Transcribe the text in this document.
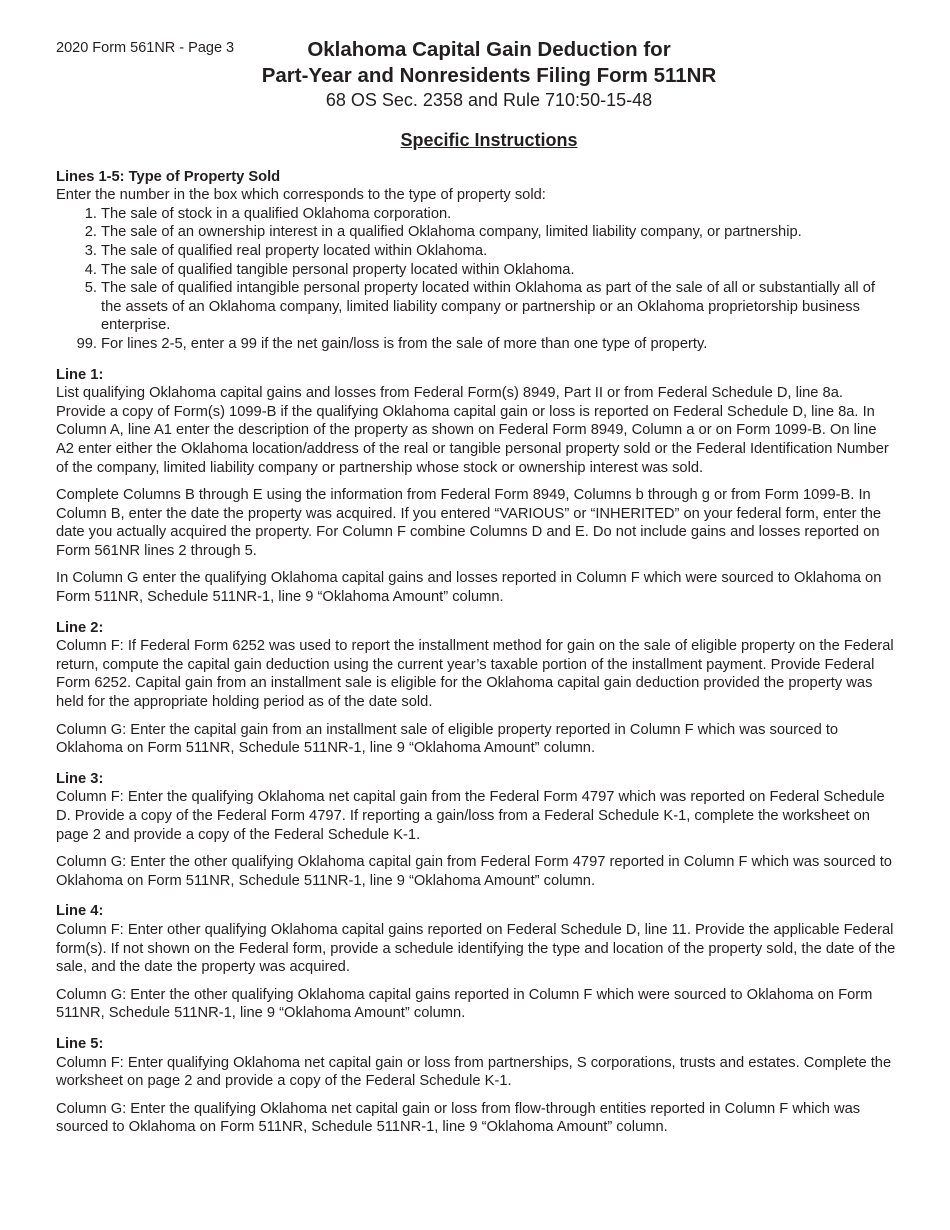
2020 Form 561NR - Page 3	Oklahoma Capital Gain Deduction for
Part-Year and Nonresidents Filing Form 511NR
68 OS Sec. 2358 and Rule 710:50-15-48
Specific Instructions
Lines 1-5: Type of Property Sold

Enter the number in the box which corresponds to the type of property sold:

1. The sale of stock in a qualified Oklahoma corporation.
2. The sale of an ownership interest in a qualified Oklahoma company, limited liability company, or partnership.
3. The sale of qualified real property located within Oklahoma.
4. The sale of qualified tangible personal property located within Oklahoma.
5. The sale of qualified intangible personal property located within Oklahoma as part of the sale of all or substantially all of the assets of an Oklahoma company, limited liability company or partnership or an Oklahoma proprietorship business enterprise.
99. For lines 2-5, enter a 99 if the net gain/loss is from the sale of more than one type of property.
Line 1:

List qualifying Oklahoma capital gains and losses from Federal Form(s) 8949, Part II or from Federal Schedule D, line 8a. Provide a copy of Form(s) 1099-B if the qualifying Oklahoma capital gain or loss is reported on Federal Schedule D, line 8a. In Column A, line A1 enter the description of the property as shown on Federal Form 8949, Column a or on Form 1099-B. On line A2 enter either the Oklahoma location/address of the real or tangible personal property sold or the Federal Identification Number of the company, limited liability company or partnership whose stock or ownership interest was sold.

Complete Columns B through E using the information from Federal Form 8949, Columns b through g or from Form 1099-B. In Column B, enter the date the property was acquired. If you entered “VARIOUS” or “INHERITED” on your federal form, enter the date you actually acquired the property. For Column F combine Columns D and E. Do not include gains and losses reported on Form 561NR lines 2 through 5.

In Column G enter the qualifying Oklahoma capital gains and losses reported in Column F which were sourced to Oklahoma on Form 511NR, Schedule 511NR-1, line 9 “Oklahoma Amount” column.

Line 2:

Column F: If Federal Form 6252 was used to report the installment method for gain on the sale of eligible property on the Federal return, compute the capital gain deduction using the current year’s taxable portion of the installment payment. Provide Federal Form 6252. Capital gain from an installment sale is eligible for the Oklahoma capital gain deduction provided the property was held for the appropriate holding period as of the date sold.

Column G: Enter the capital gain from an installment sale of eligible property reported in Column F which was sourced to Oklahoma on Form 511NR, Schedule 511NR-1, line 9 “Oklahoma Amount” column.

Line 3:

Column F: Enter the qualifying Oklahoma net capital gain from the Federal Form 4797 which was reported on Federal Schedule D. Provide a copy of the Federal Form 4797. If reporting a gain/loss from a Federal Schedule K-1, complete the worksheet on page 2 and provide a copy of the Federal Schedule K-1.

Column G: Enter the other qualifying Oklahoma capital gain from Federal Form 4797 reported in Column F which was sourced to Oklahoma on Form 511NR, Schedule 511NR-1, line 9 “Oklahoma Amount” column.

Line 4:

Column F: Enter other qualifying Oklahoma capital gains reported on Federal Schedule D, line 11. Provide the applicable Federal form(s). If not shown on the Federal form, provide a schedule identifying the type and location of the property sold, the date of the sale, and the date the property was acquired.

Column G: Enter the other qualifying Oklahoma capital gains reported in Column F which were sourced to Oklahoma on Form 511NR, Schedule 511NR-1, line 9 “Oklahoma Amount” column.

Line 5:

Column F: Enter qualifying Oklahoma net capital gain or loss from partnerships, S corporations, trusts and estates. Complete the worksheet on page 2 and provide a copy of the Federal Schedule K-1.

Column G: Enter the qualifying Oklahoma net capital gain or loss from flow-through entities reported in Column F which was sourced to Oklahoma on Form 511NR, Schedule 511NR-1, line 9 “Oklahoma Amount” column.
